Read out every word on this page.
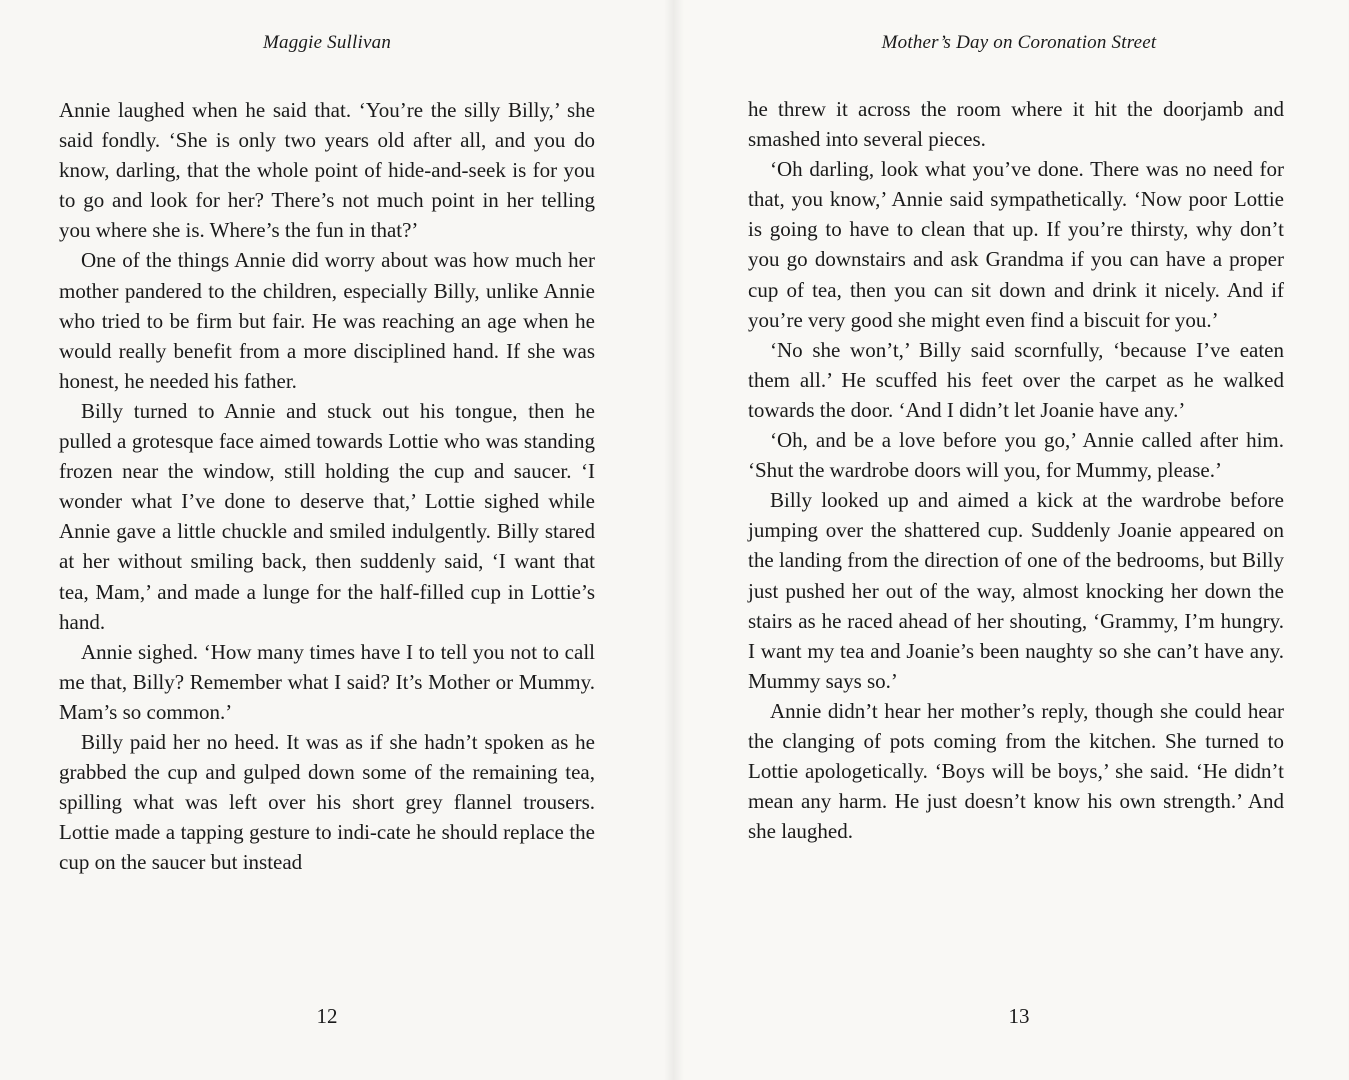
Maggie Sullivan

Annie laughed when he said that. ‘You’re the silly Billy,’ she said fondly. ‘She is only two years old after all, and you do know, darling, that the whole point of hide-and-seek is for you to go and look for her? There’s not much point in her telling you where she is. Where’s the fun in that?’

One of the things Annie did worry about was how much her mother pandered to the children, especially Billy, unlike Annie who tried to be firm but fair. He was reaching an age when he would really benefit from a more disciplined hand. If she was honest, he needed his father.

Billy turned to Annie and stuck out his tongue, then he pulled a grotesque face aimed towards Lottie who was standing frozen near the window, still holding the cup and saucer. ‘I wonder what I’ve done to deserve that,’ Lottie sighed while Annie gave a little chuckle and smiled indulgently. Billy stared at her without smiling back, then suddenly said, ‘I want that tea, Mam,’ and made a lunge for the half-filled cup in Lottie’s hand.

Annie sighed. ‘How many times have I to tell you not to call me that, Billy? Remember what I said? It’s Mother or Mummy. Mam’s so common.’

Billy paid her no heed. It was as if she hadn’t spoken as he grabbed the cup and gulped down some of the remaining tea, spilling what was left over his short grey flannel trousers. Lottie made a tapping gesture to indi-cate he should replace the cup on the saucer but instead

12
Mother’s Day on Coronation Street

he threw it across the room where it hit the doorjamb and smashed into several pieces.

‘Oh darling, look what you’ve done. There was no need for that, you know,’ Annie said sympathetically. ‘Now poor Lottie is going to have to clean that up. If you’re thirsty, why don’t you go downstairs and ask Grandma if you can have a proper cup of tea, then you can sit down and drink it nicely. And if you’re very good she might even find a biscuit for you.’

‘No she won’t,’ Billy said scornfully, ‘because I’ve eaten them all.’ He scuffed his feet over the carpet as he walked towards the door. ‘And I didn’t let Joanie have any.’

‘Oh, and be a love before you go,’ Annie called after him. ‘Shut the wardrobe doors will you, for Mummy, please.’

Billy looked up and aimed a kick at the wardrobe before jumping over the shattered cup. Suddenly Joanie appeared on the landing from the direction of one of the bedrooms, but Billy just pushed her out of the way, almost knocking her down the stairs as he raced ahead of her shouting, ‘Grammy, I’m hungry. I want my tea and Joanie’s been naughty so she can’t have any. Mummy says so.’

Annie didn’t hear her mother’s reply, though she could hear the clanging of pots coming from the kitchen. She turned to Lottie apologetically. ‘Boys will be boys,’ she said. ‘He didn’t mean any harm. He just doesn’t know his own strength.’ And she laughed.

13
